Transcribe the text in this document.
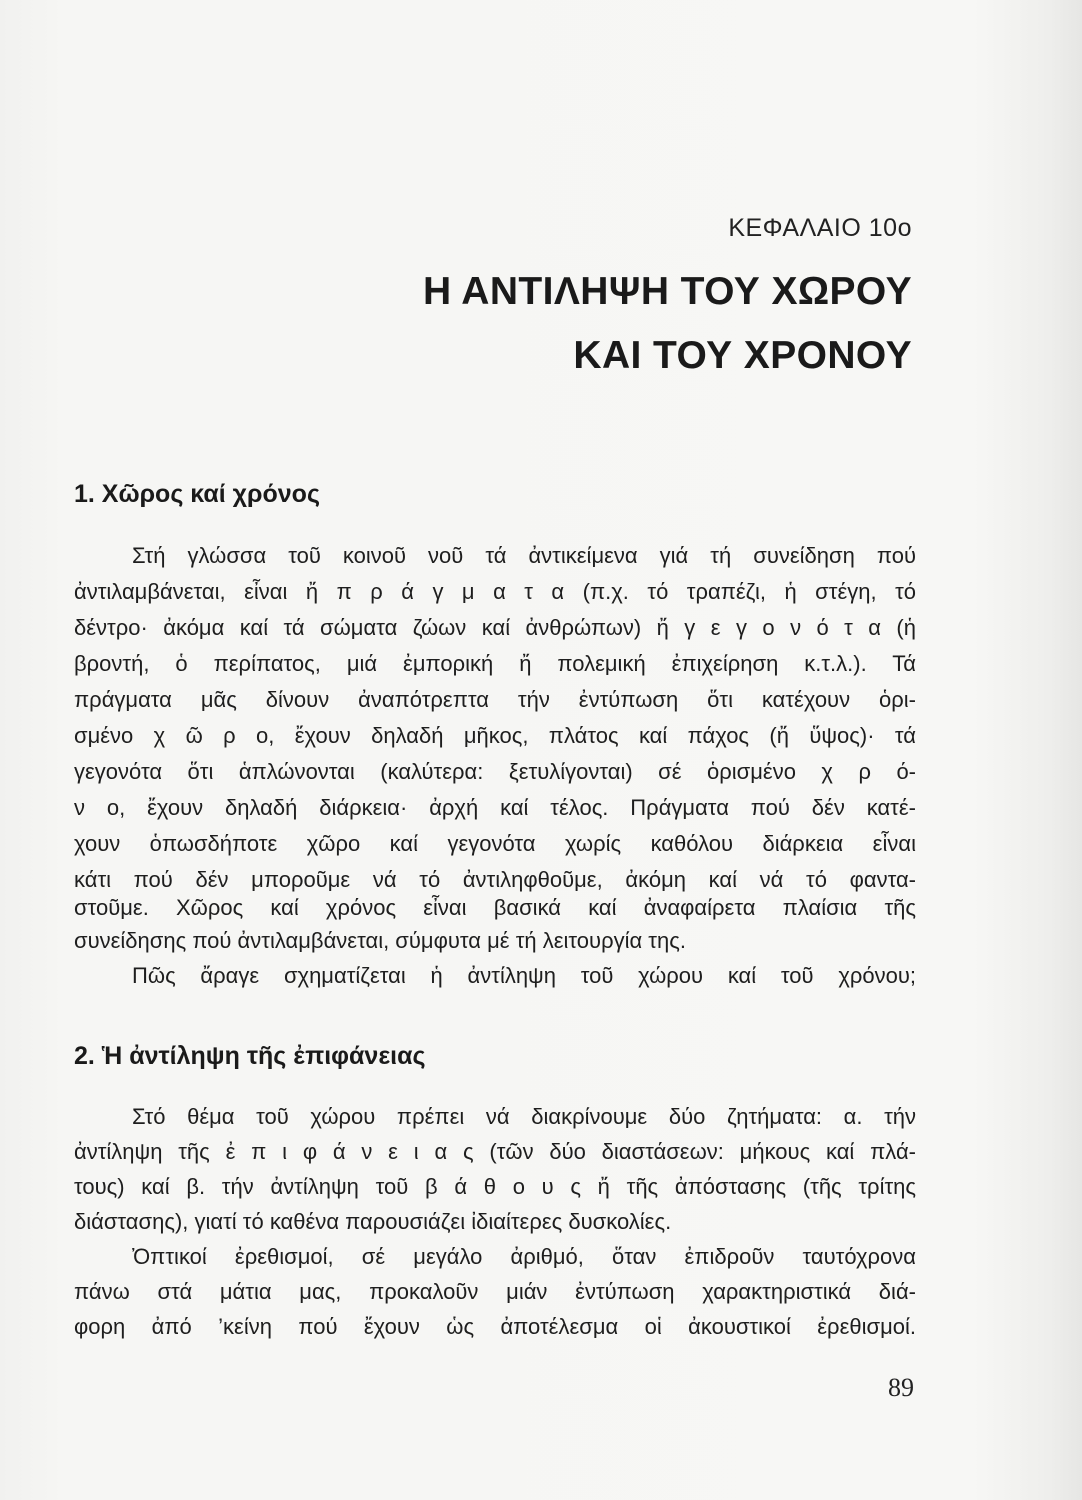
ΚΕΦΑΛΑΙΟ 10ο
Η ΑΝΤΙΛΗΨΗ ΤΟΥ ΧΩΡΟΥ
ΚΑΙ ΤΟΥ ΧΡΟΝΟΥ
1. Χῶρος καί χρόνος
Στή γλώσσα τοῦ κοινοῦ νοῦ τά ἀντικείμενα γιά τή συνείδηση πού
ἀντιλαμβάνεται, εἶναι ἤ π ρ ά γ μ α τ α (π.χ. τό τραπέζι, ἡ στέγη, τό
δέντρο· ἀκόμα καί τά σώματα ζώων καί ἀνθρώπων) ἤ γ ε γ ο ν ό τ α (ἡ
βροντή, ὁ περίπατος, μιά ἐμπορική ἤ πολεμική ἐπιχείρηση κ.τ.λ.). Τά
πράγματα μᾶς δίνουν ἀναπότρεπτα τήν ἐντύπωση ὅτι κατέχουν ὁρι-
σμένο χ ῶ ρ ο, ἔχουν δηλαδή μῆκος, πλάτος καί πάχος (ἤ ὕψος)· τά
γεγονότα ὅτι ἁπλώνονται (καλύτερα: ξετυλίγονται) σέ ὁρισμένο χ ρ ό-
ν ο, ἔχουν δηλαδή διάρκεια· ἀρχή καί τέλος. Πράγματα πού δέν κατέ-
χουν ὁπωσδήποτε χῶρο καί γεγονότα χωρίς καθόλου διάρκεια εἶναι
κάτι πού δέν μποροῦμε νά τό ἀντιληφθοῦμε, ἀκόμη καί νά τό φαντα-
στοῦμε. Χῶρος καί χρόνος εἶναι βασικά καί ἀναφαίρετα πλαίσια τῆς
συνείδησης πού ἀντιλαμβάνεται, σύμφυτα μέ τή λειτουργία της.
Πῶς ἄραγε σχηματίζεται ἡ ἀντίληψη τοῦ χώρου καί τοῦ χρόνου;
2. Ἡ ἀντίληψη τῆς ἐπιφάνειας
Στό θέμα τοῦ χώρου πρέπει νά διακρίνουμε δύο ζητήματα: α. τήν
ἀντίληψη τῆς ἐ π ι φ ά ν ε ι α ς (τῶν δύο διαστάσεων: μήκους καί πλά-
τους) καί β. τήν ἀντίληψη τοῦ β ά θ ο υ ς ἤ τῆς ἀπόστασης (τῆς τρίτης
διάστασης), γιατί τό καθένα παρουσιάζει ἰδιαίτερες δυσκολίες.
Ὀπτικοί ἐρεθισμοί, σέ μεγάλο ἀριθμό, ὅταν ἐπιδροῦν ταυτόχρονα
πάνω στά μάτια μας, προκαλοῦν μιάν ἐντύπωση χαρακτηριστικά διά-
φορη ἀπό ’κείνη πού ἔχουν ὡς ἀποτέλεσμα οἱ ἀκουστικοί ἐρεθισμοί.
89
